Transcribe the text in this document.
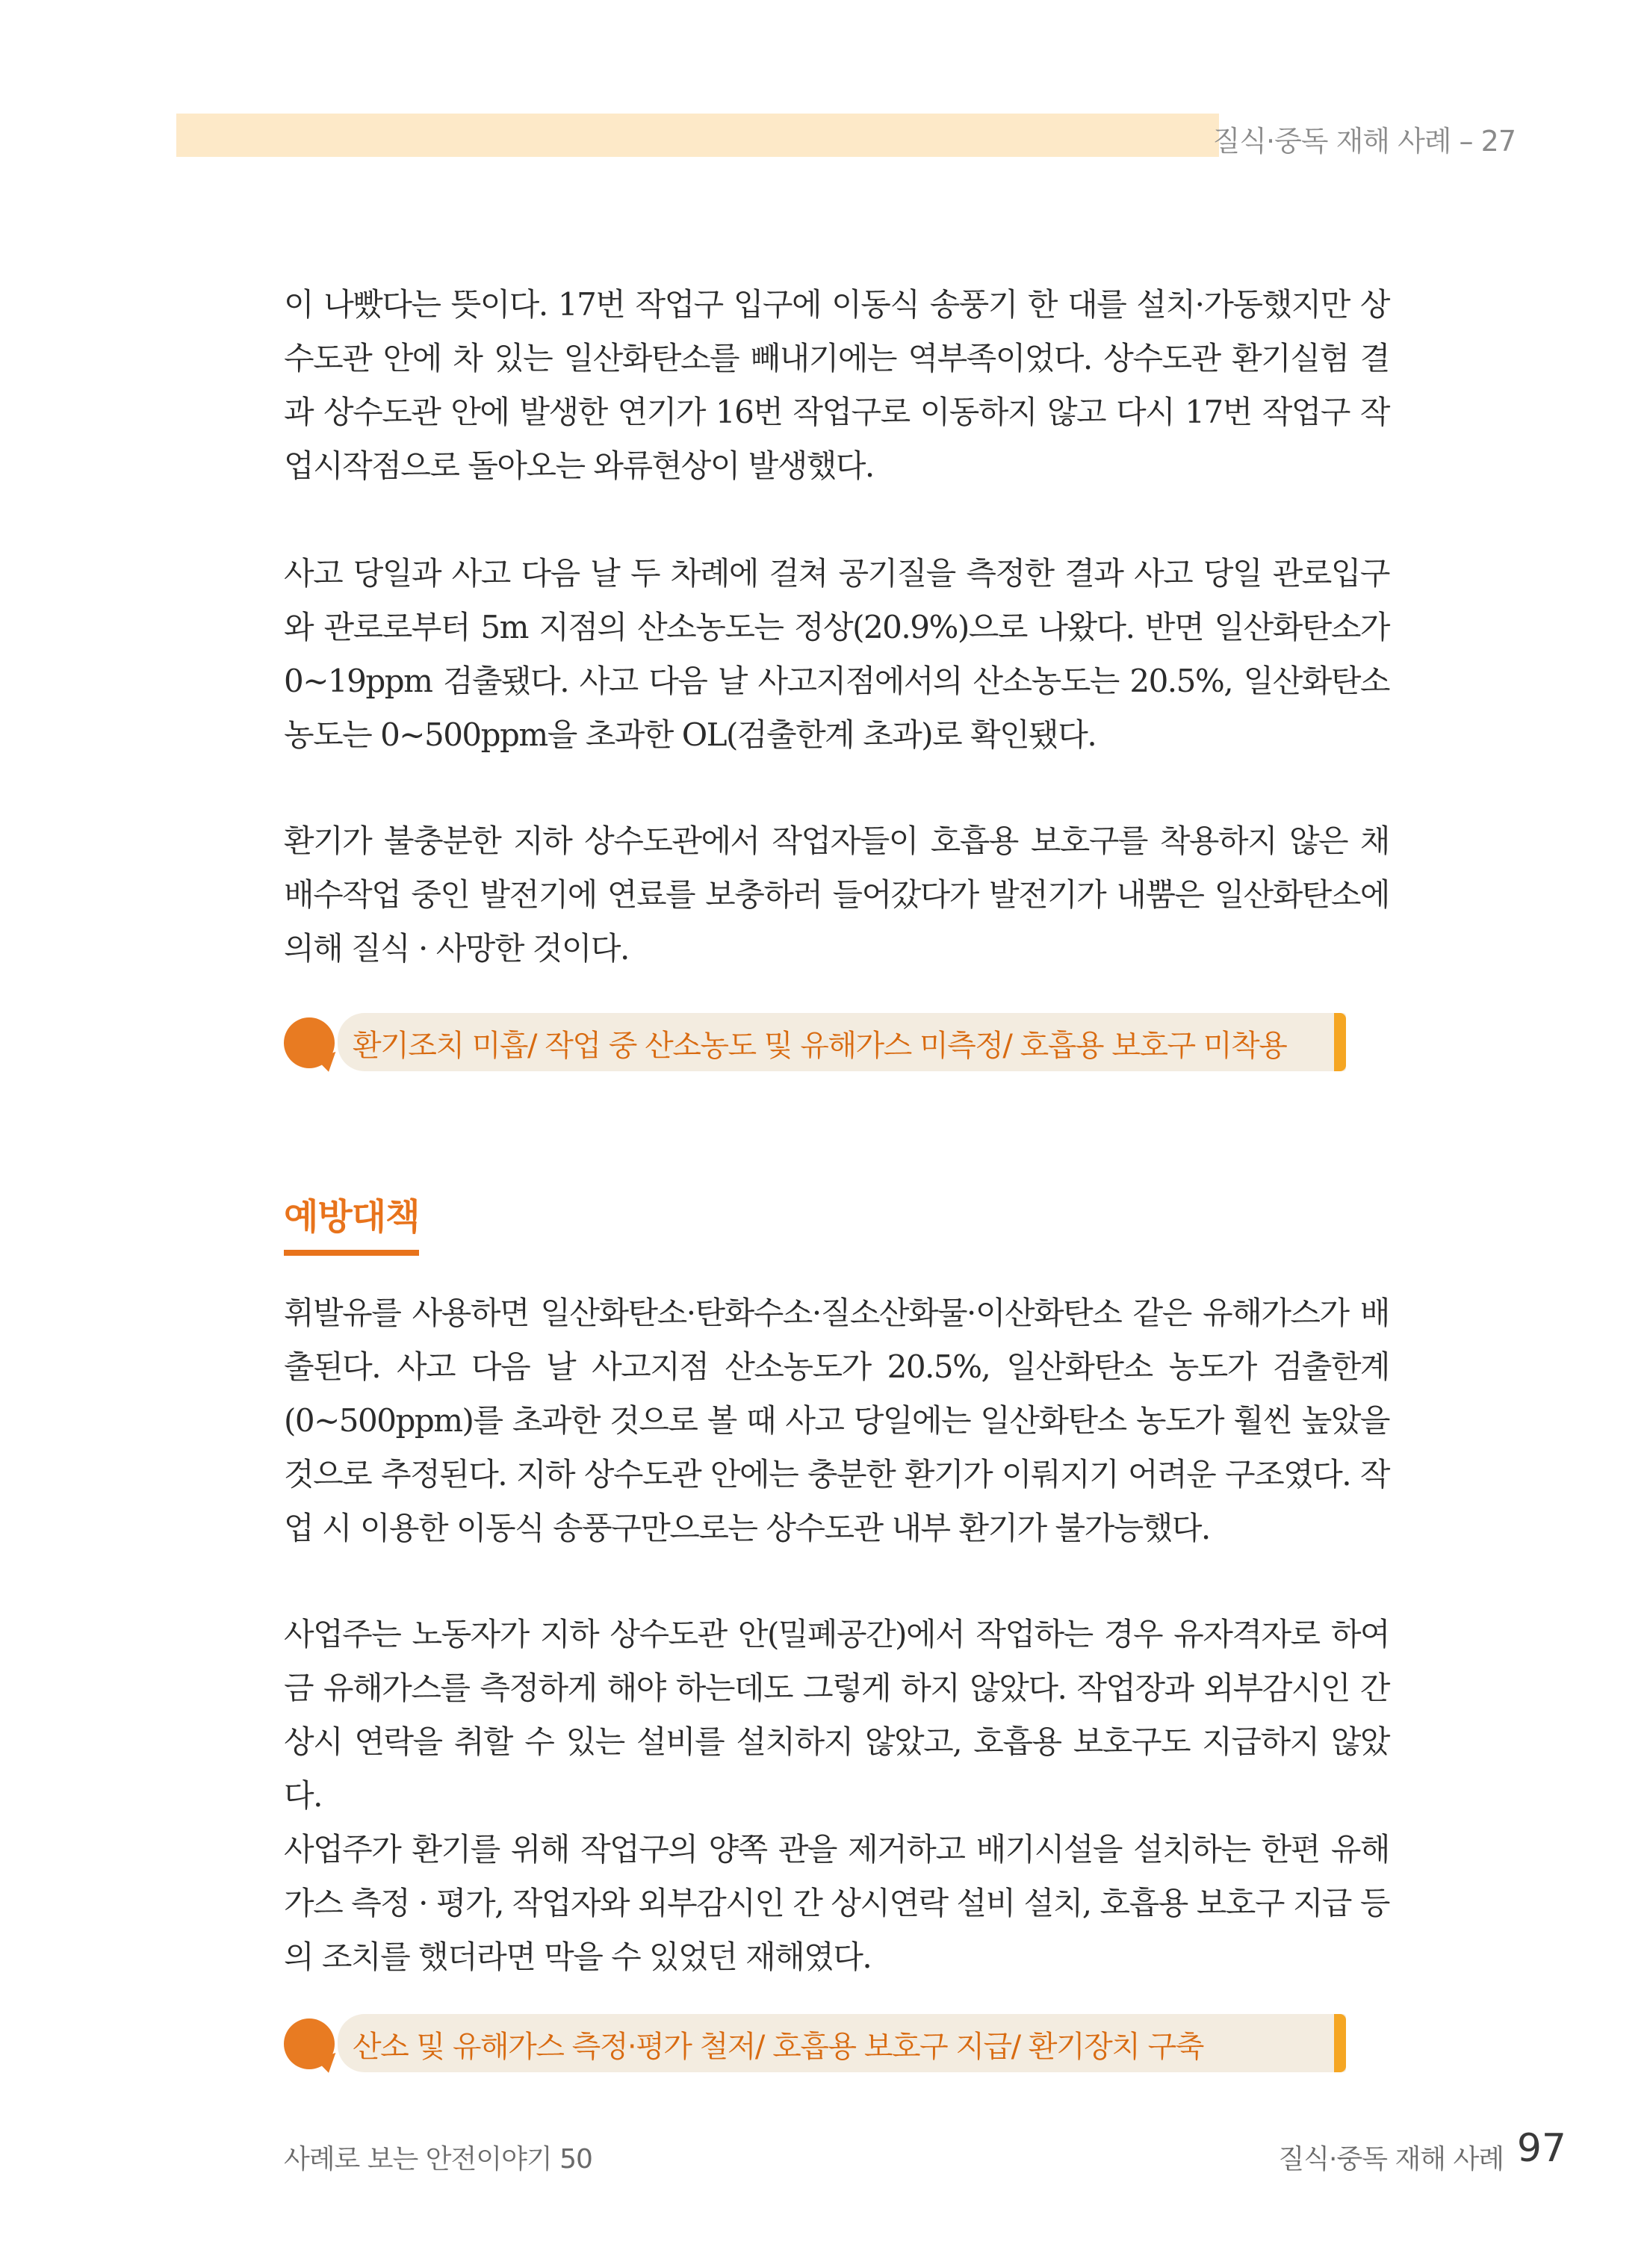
질식·중독 재해 사례 – 27

이 나빴다는 뜻이다. 17번 작업구 입구에 이동식 송풍기 한 대를 설치·가동했지만 상수도관 안에 차 있는 일산화탄소를 빼내기에는 역부족이었다. 상수도관 환기실험 결과 상수도관 안에 발생한 연기가 16번 작업구로 이동하지 않고 다시 17번 작업구 작업시작점으로 돌아오는 와류현상이 발생했다.

사고 당일과 사고 다음 날 두 차례에 걸쳐 공기질을 측정한 결과 사고 당일 관로입구와 관로로부터 5m 지점의 산소농도는 정상(20.9%)으로 나왔다. 반면 일산화탄소가 0~19ppm 검출됐다. 사고 다음 날 사고지점에서의 산소농도는 20.5%, 일산화탄소 농도는 0~500ppm을 초과한 OL(검출한계 초과)로 확인됐다.

환기가 불충분한 지하 상수도관에서 작업자들이 호흡용 보호구를 착용하지 않은 채 배수작업 중인 발전기에 연료를 보충하러 들어갔다가 발전기가 내뿜은 일산화탄소에 의해 질식 · 사망한 것이다.

환기조치 미흡/ 작업 중 산소농도 및 유해가스 미측정/ 호흡용 보호구 미착용
예방대책

휘발유를 사용하면 일산화탄소·탄화수소·질소산화물·이산화탄소 같은 유해가스가 배출된다. 사고 다음 날 사고지점 산소농도가 20.5%, 일산화탄소 농도가 검출한계(0~500ppm)를 초과한 것으로 볼 때 사고 당일에는 일산화탄소 농도가 훨씬 높았을 것으로 추정된다. 지하 상수도관 안에는 충분한 환기가 이뤄지기 어려운 구조였다. 작업 시 이용한 이동식 송풍구만으로는 상수도관 내부 환기가 불가능했다.

사업주는 노동자가 지하 상수도관 안(밀폐공간)에서 작업하는 경우 유자격자로 하여금 유해가스를 측정하게 해야 하는데도 그렇게 하지 않았다. 작업장과 외부감시인 간 상시 연락을 취할 수 있는 설비를 설치하지 않았고, 호흡용 보호구도 지급하지 않았다.

사업주가 환기를 위해 작업구의 양쪽 관을 제거하고 배기시설을 설치하는 한편 유해가스 측정 · 평가, 작업자와 외부감시인 간 상시연락 설비 설치, 호흡용 보호구 지급 등의 조치를 했더라면 막을 수 있었던 재해였다.

산소 및 유해가스 측정·평가 철저/ 호흡용 보호구 지급/ 환기장치 구축
사례로 보는 안전이야기 50	질식·중독 재해 사례 97
